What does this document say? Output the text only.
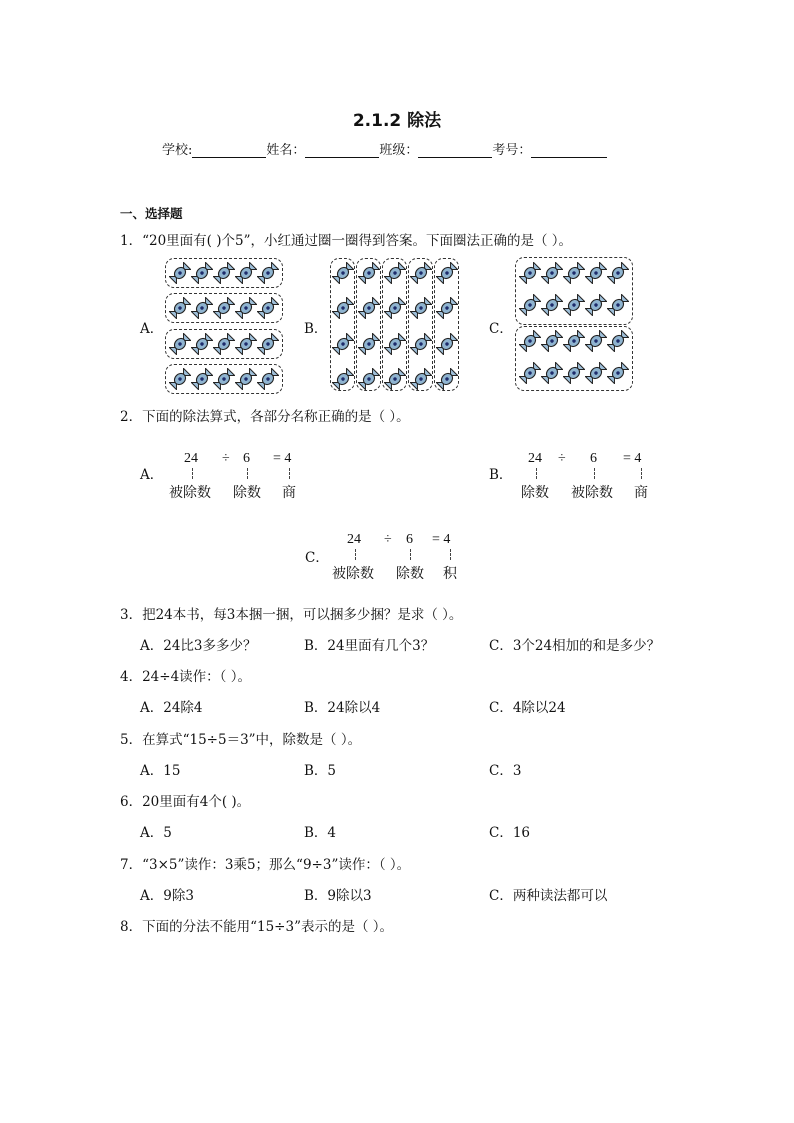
2.1.2 除法
学校:	姓名：	班级：	考号：
一、选择题
1．“20里面有( )个5”，小红通过圈一圈得到答案。下面圈法正确的是（ ）。
A．	B．	C．
2．下面的除法算式，各部分名称正确的是（ ）。
A．
24 ÷ 6 = 4
被除数 除数 商
B．
24 ÷ 6 = 4
除数 被除数 商
C．
24 ÷ 6 = 4
被除数 除数 积
3．把24本书，每3本捆一捆，可以捆多少捆？是求（ ）。
A．24比3多多少？	B．24里面有几个3？	C．3个24相加的和是多少？
4．24÷4读作：（ ）。
A．24除4	B．24除以4	C．4除以24
5．在算式“15÷5＝3”中，除数是（ ）。
A．15	B．5	C．3
6．20里面有4个( )。
A．5	B．4	C．16
7．“3×5”读作：3乘5；那么“9÷3”读作：（ ）。
A．9除3	B．9除以3	C．两种读法都可以
8．下面的分法不能用“15÷3”表示的是（ ）。
